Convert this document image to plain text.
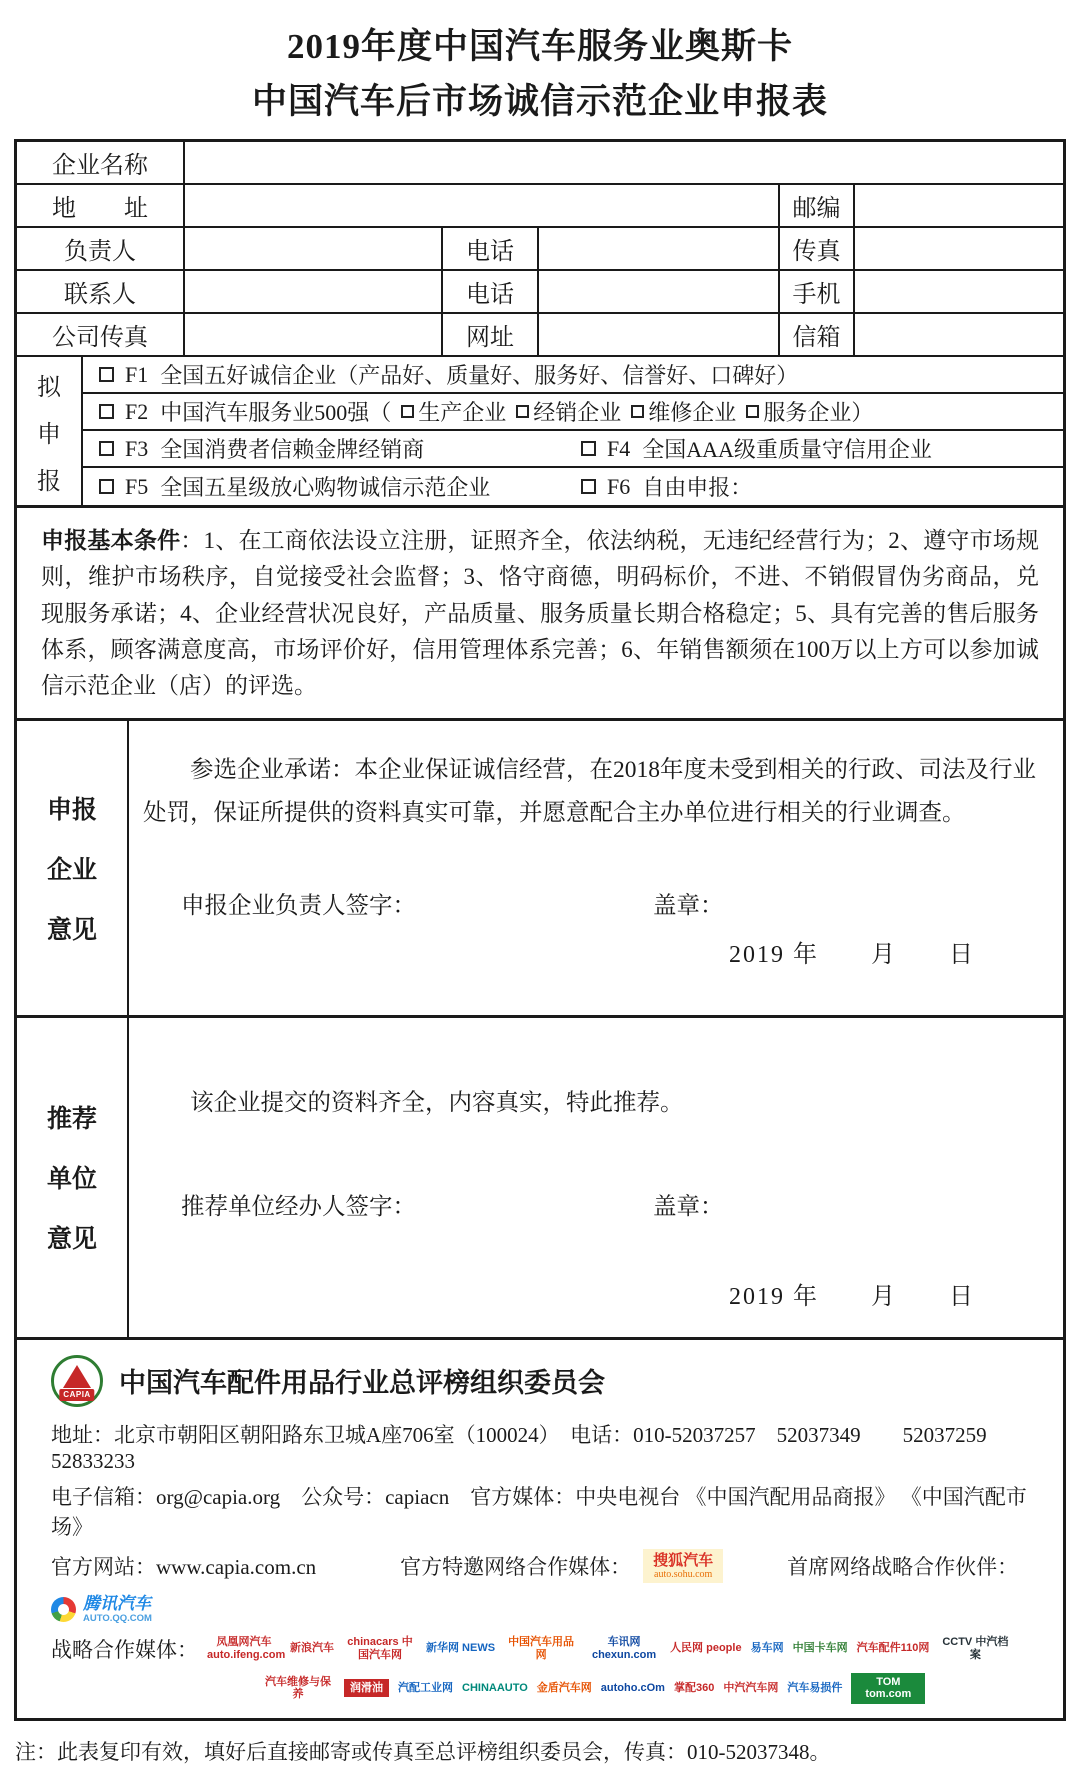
2019年度中国汽车服务业奥斯卡
中国汽车后市场诚信示范企业申报表
企业名称
地　　址	邮编
负责人	电话	传真
联系人	电话	手机
公司传真	网址	信箱
拟
申
报
F1 全国五好诚信企业（产品好、质量好、服务好、信誉好、口碑好）
F2 中国汽车服务业500强（ 生产企业 经销企业 维修企业 服务企业 ）
F3 全国消费者信赖金牌经销商	F4 全国AAA级重质量守信用企业
F5 全国五星级放心购物诚信示范企业	F6 自由申报：
申报基本条件：1、在工商依法设立注册，证照齐全，依法纳税，无违纪经营行为；2、遵守市场规则，维护市场秩序，自觉接受社会监督；3、恪守商德，明码标价，不进、不销假冒伪劣商品，兑现服务承诺；4、企业经营状况良好，产品质量、服务质量长期合格稳定；5、具有完善的售后服务体系，顾客满意度高，市场评价好，信用管理体系完善；6、年销售额须在100万以上方可以参加诚信示范企业（店）的评选。
申报
企业
意见

参选企业承诺：本企业保证诚信经营，在2018年度未受到相关的行政、司法及行业处罚，保证所提供的资料真实可靠，并愿意配合主办单位进行相关的行业调查。

申报企业负责人签字：	盖章：
2019 年　　月　　日
推荐
单位
意见

该企业提交的资料齐全，内容真实，特此推荐。

推荐单位经办人签字：	盖章：
2019 年　　月　　日
CAPIA 中国汽车配件用品行业总评榜组织委员会
地址：北京市朝阳区朝阳路东卫城A座706室（100024）　电话：010-52037257　52037349　　52037259　52833233
电子信箱：org@capia.org　公众号：capiacn　官方媒体：中央电视台 《中国汽配用品商报》 《中国汽配市场》
官方网站：www.capia.com.cn	官方特邀网络合作媒体： 搜狐汽车
auto.sohu.com	首席网络战略合作伙伴：
腾讯汽车
AUTO.QQ.COM
战略合作媒体：	凤凰网汽车 auto.ifeng.com
新浪汽车
chinacars 中国汽车网
新华网 NEWS
中国汽车用品网
车讯网 chexun.com
人民网 people 易车网 中国卡车网 汽车配件110网
CCTV 中汽档案
汽车维修与保养
润滑油	汽配工业网 CHINAAUTO 金盾汽车网 autoho.cOm 掌配360 中汽汽车网 汽车易损件
TOM tom.com
注：此表复印有效，填好后直接邮寄或传真至总评榜组织委员会，传真：010-52037348。
